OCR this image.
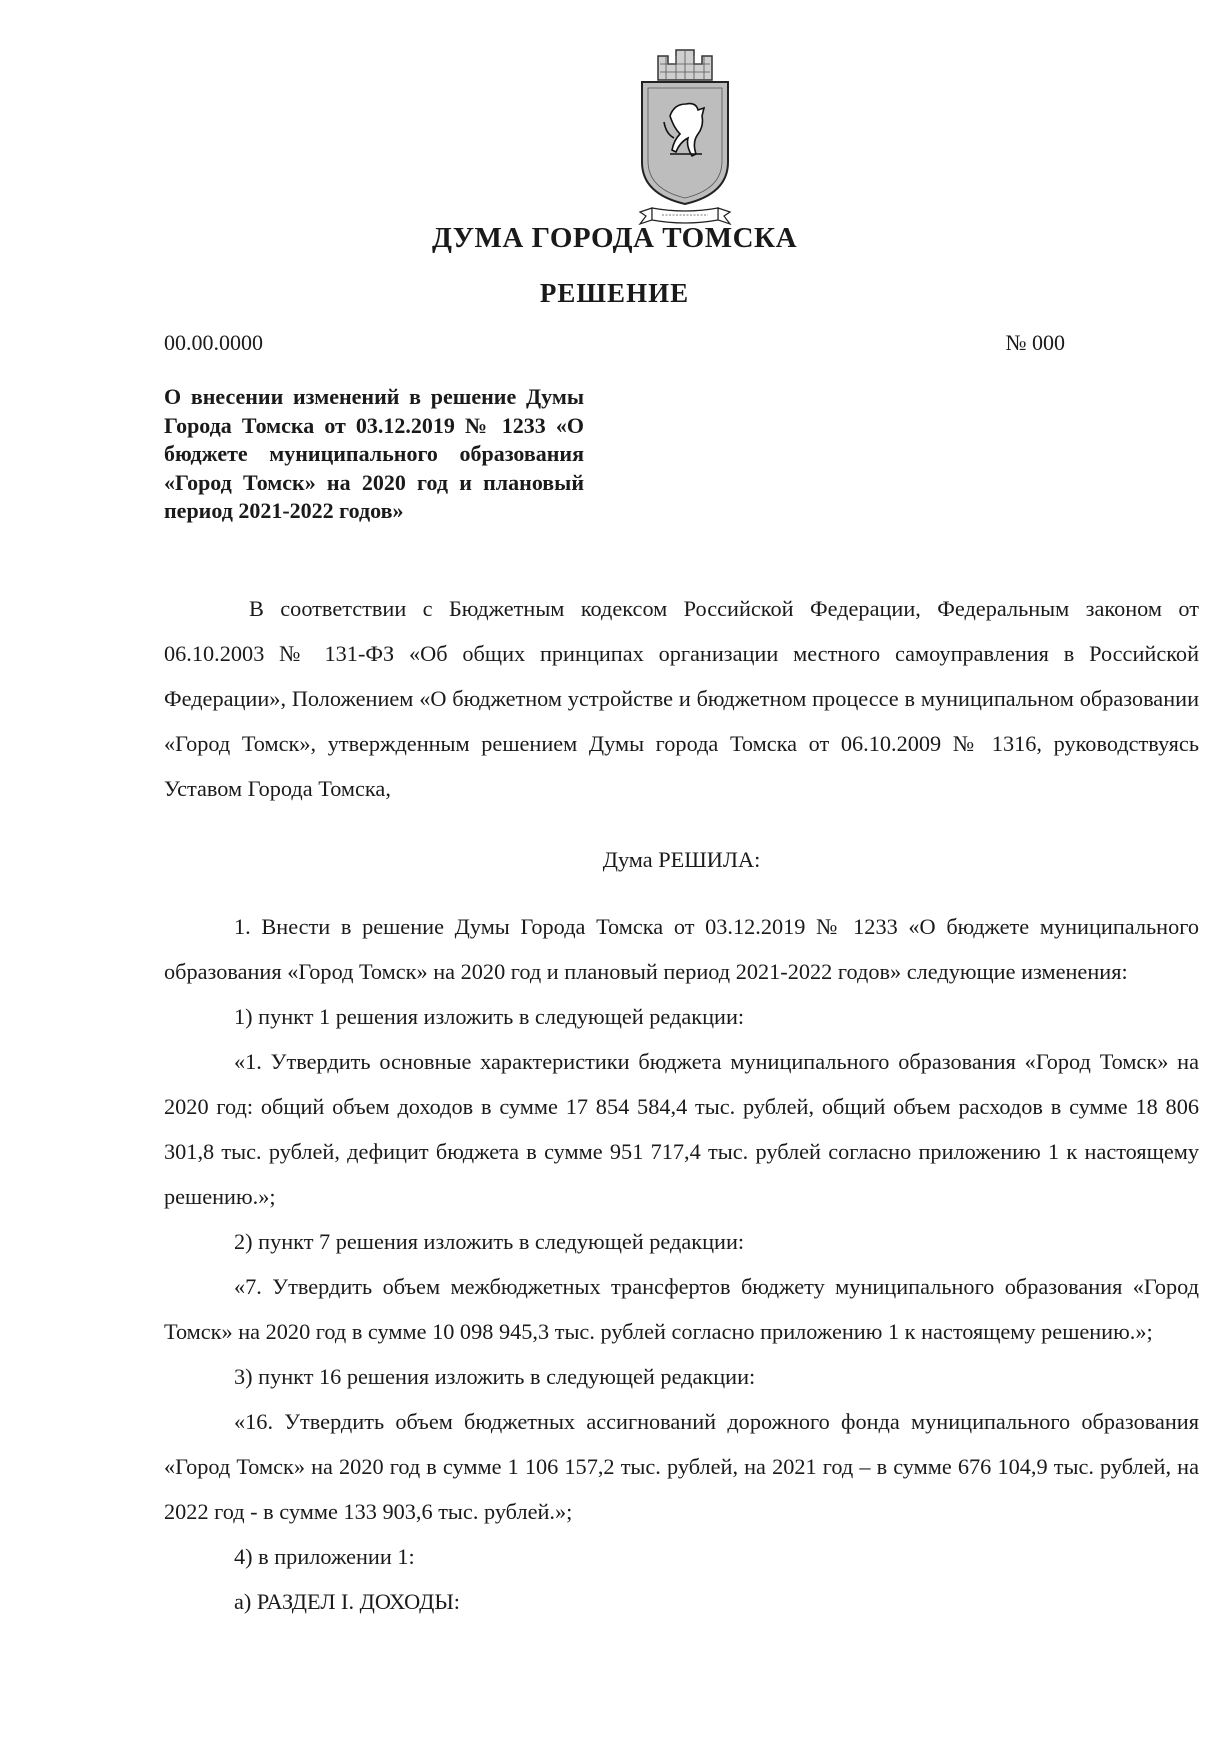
ДУМА ГОРОДА ТОМСКА
РЕШЕНИЕ
00.00.0000	№ 000
О внесении изменений в решение Думы Города Томска от 03.12.2019 № 1233 «О бюджете муниципального образования «Город Томск» на 2020 год и плановый период 2021-2022 годов»

В соответствии с Бюджетным кодексом Российской Федерации, Федеральным законом от 06.10.2003 № 131-ФЗ «Об общих принципах организации местного самоуправления в Российской Федерации», Положением «О бюджетном устройстве и бюджетном процессе в муниципальном образовании «Город Томск», утвержденным решением Думы города Томска от 06.10.2009 № 1316, руководствуясь Уставом Города Томска,

Дума РЕШИЛА:

1. Внести в решение Думы Города Томска от 03.12.2019 № 1233 «О бюджете муниципального образования «Город Томск» на 2020 год и плановый период 2021-2022 годов» следующие изменения:

1) пункт 1 решения изложить в следующей редакции:

«1. Утвердить основные характеристики бюджета муниципального образования «Город Томск» на 2020 год: общий объем доходов в сумме 17 854 584,4 тыс. рублей, общий объем расходов в сумме 18 806 301,8 тыс. рублей, дефицит бюджета в сумме 951 717,4 тыс. рублей согласно приложению 1 к настоящему решению.»;

2) пункт 7 решения изложить в следующей редакции:

«7. Утвердить объем межбюджетных трансфертов бюджету муниципального образования «Город Томск» на 2020 год в сумме 10 098 945,3 тыс. рублей согласно приложению 1 к настоящему решению.»;

3) пункт 16 решения изложить в следующей редакции:

«16. Утвердить объем бюджетных ассигнований дорожного фонда муниципального образования «Город Томск» на 2020 год в сумме 1 106 157,2 тыс. рублей, на 2021 год – в сумме 676 104,9 тыс. рублей, на 2022 год - в сумме 133 903,6 тыс. рублей.»;

4) в приложении 1:

а) РАЗДЕЛ I. ДОХОДЫ:
